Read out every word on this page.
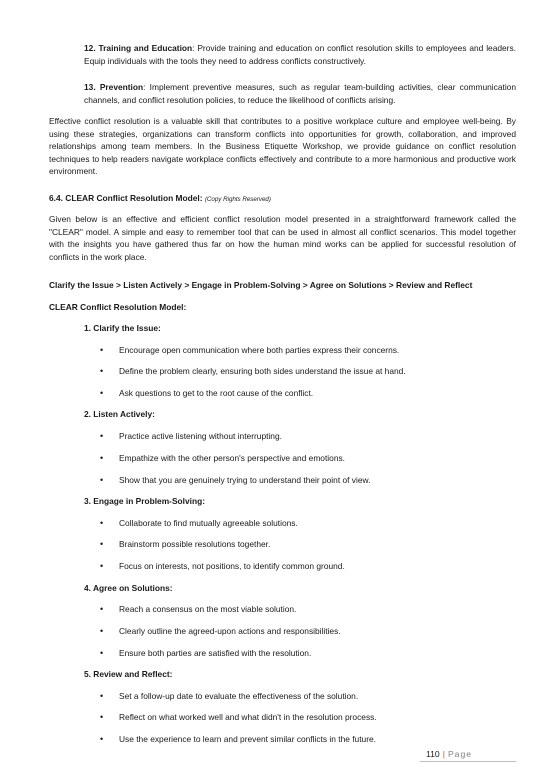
12. Training and Education: Provide training and education on conflict resolution skills to employees and leaders. Equip individuals with the tools they need to address conflicts constructively.
13. Prevention: Implement preventive measures, such as regular team-building activities, clear communication channels, and conflict resolution policies, to reduce the likelihood of conflicts arising.
Effective conflict resolution is a valuable skill that contributes to a positive workplace culture and employee well-being. By using these strategies, organizations can transform conflicts into opportunities for growth, collaboration, and improved relationships among team members. In the Business Etiquette Workshop, we provide guidance on conflict resolution techniques to help readers navigate workplace conflicts effectively and contribute to a more harmonious and productive work environment.
6.4. CLEAR Conflict Resolution Model: (Copy Rights Reserved)
Given below is an effective and efficient conflict resolution model presented in a straightforward framework called the "CLEAR" model. A simple and easy to remember tool that can be used in almost all conflict scenarios. This model together with the insights you have gathered thus far on how the human mind works can be applied for successful resolution of conflicts in the work place.
Clarify the Issue > Listen Actively > Engage in Problem-Solving > Agree on Solutions > Review and Reflect
CLEAR Conflict Resolution Model:
1. Clarify the Issue:
• Encourage open communication where both parties express their concerns.
• Define the problem clearly, ensuring both sides understand the issue at hand.
• Ask questions to get to the root cause of the conflict.
2. Listen Actively:
• Practice active listening without interrupting.
• Empathize with the other person's perspective and emotions.
• Show that you are genuinely trying to understand their point of view.
3. Engage in Problem-Solving:
• Collaborate to find mutually agreeable solutions.
• Brainstorm possible resolutions together.
• Focus on interests, not positions, to identify common ground.
4. Agree on Solutions:
• Reach a consensus on the most viable solution.
• Clearly outline the agreed-upon actions and responsibilities.
• Ensure both parties are satisfied with the resolution.
5. Review and Reflect:
• Set a follow-up date to evaluate the effectiveness of the solution.
• Reflect on what worked well and what didn't in the resolution process.
• Use the experience to learn and prevent similar conflicts in the future.
110 | Page
